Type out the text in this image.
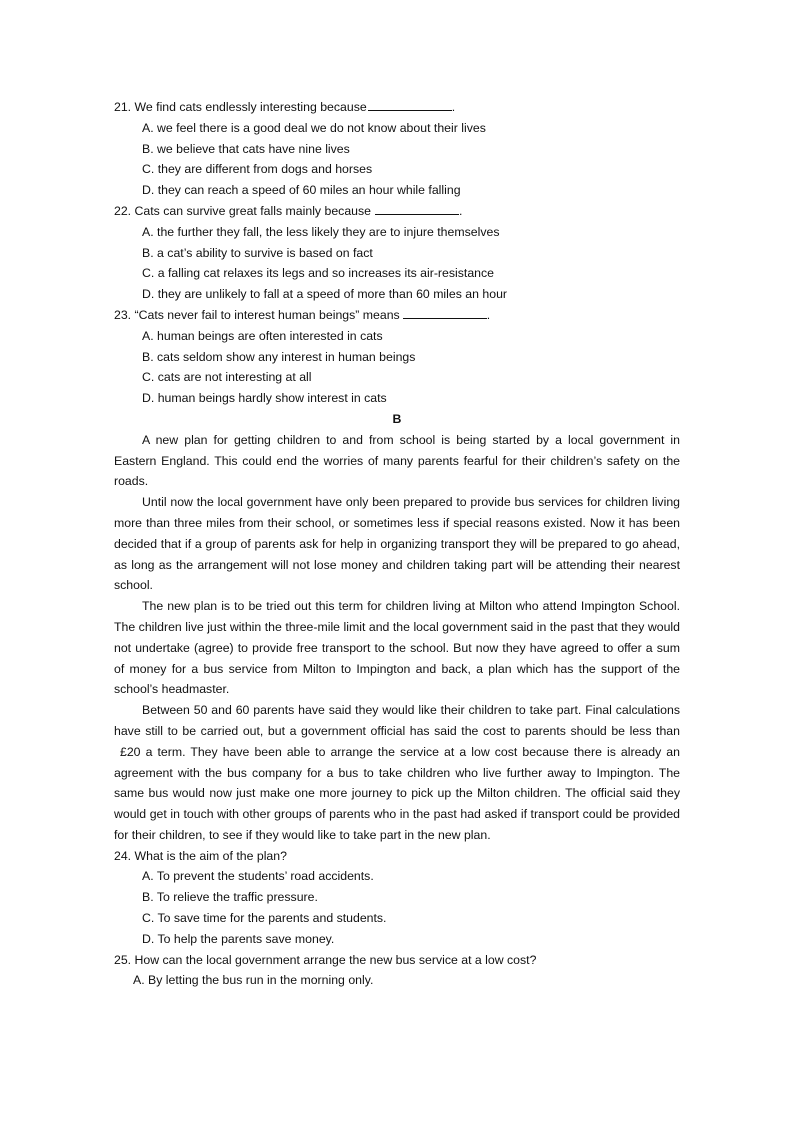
21. We find cats endlessly interesting because	.
A. we feel there is a good deal we do not know about their lives
B. we believe that cats have nine lives
C. they are different from dogs and horses
D. they can reach a speed of 60 miles an hour while falling
22. Cats can survive great falls mainly because	.
A. the further they fall, the less likely they are to injure themselves
B. a cat’s ability to survive is based on fact
C. a falling cat relaxes its legs and so increases its air-resistance
D. they are unlikely to fall at a speed of more than 60 miles an hour
23. “Cats never fail to interest human beings” means	.
A. human beings are often interested in cats
B. cats seldom show any interest in human beings
C. cats are not interesting at all
D. human beings hardly show interest in cats
B

A new plan for getting children to and from school is being started by a local government in Eastern England. This could end the worries of many parents fearful for their children’s safety on the roads.

Until now the local government have only been prepared to provide bus services for children living more than three miles from their school, or sometimes less if special reasons existed. Now it has been decided that if a group of parents ask for help in organizing transport they will be prepared to go ahead, as long as the arrangement will not lose money and children taking part will be attending their nearest school.

The new plan is to be tried out this term for children living at Milton who attend Impington School. The children live just within the three-mile limit and the local government said in the past that they would not undertake (agree) to provide free transport to the school. But now they have agreed to offer a sum of money for a bus service from Milton to Impington and back, a plan which has the support of the school’s headmaster.

Between 50 and 60 parents have said they would like their children to take part. Final calculations have still to be carried out, but a government official has said the cost to parents should be less than £20 a term. They have been able to arrange the service at a low cost because there is already an agreement with the bus company for a bus to take children who live further away to Impington. The same bus would now just make one more journey to pick up the Milton children. The official said they would get in touch with other groups of parents who in the past had asked if transport could be provided for their children, to see if they would like to take part in the new plan.

24. What is the aim of the plan?
A. To prevent the students’ road accidents.
B. To relieve the traffic pressure.
C. To save time for the parents and students.
D. To help the parents save money.
25. How can the local government arrange the new bus service at a low cost?
A. By letting the bus run in the morning only.
